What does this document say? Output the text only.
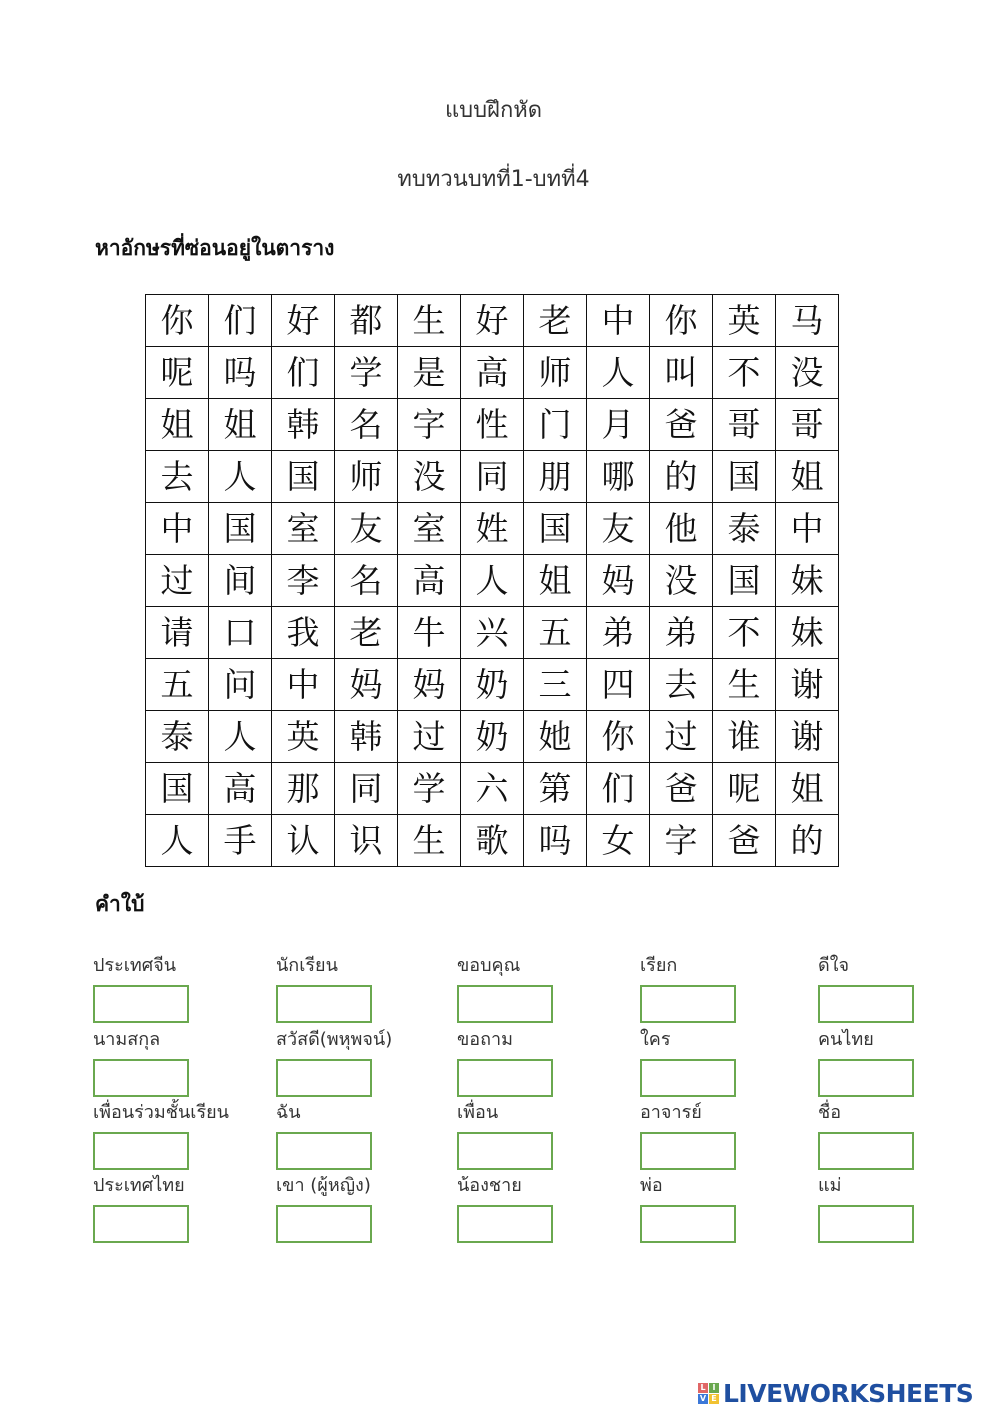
แบบฝึกหัด
ทบทวนบทที่1-บทที่4
หาอักษรที่ซ่อนอยู่ในตาราง
你	们	好	都	生	好	老	中	你	英	马
呢	吗	们	学	是	高	师	人	叫	不	没
姐	姐	韩	名	字	性	门	月	爸	哥	哥
去	人	国	师	没	同	朋	哪	的	国	姐
中	国	室	友	室	姓	国	友	他	泰	中
过	间	李	名	高	人	姐	妈	没	国	妹
请	口	我	老	牛	兴	五	弟	弟	不	妹
五	问	中	妈	妈	奶	三	四	去	生	谢
泰	人	英	韩	过	奶	她	你	过	谁	谢
国	高	那	同	学	六	第	们	爸	呢	姐
人	手	认	识	生	歌	吗	女	字	爸	的
คำใบ้
ประเทศจีน	นักเรียน	ขอบคุณ	เรียก	ดีใจ
นามสกุล	สวัสดี(พหุพจน์)	ขอถาม	ใคร	คนไทย
เพื่อนร่วมชั้นเรียน	ฉัน	เพื่อน	อาจารย์	ชื่อ
ประเทศไทย	เขา (ผู้หญิง)	น้องชาย	พ่อ	แม่
L I
V E LIVEWORKSHEETS
